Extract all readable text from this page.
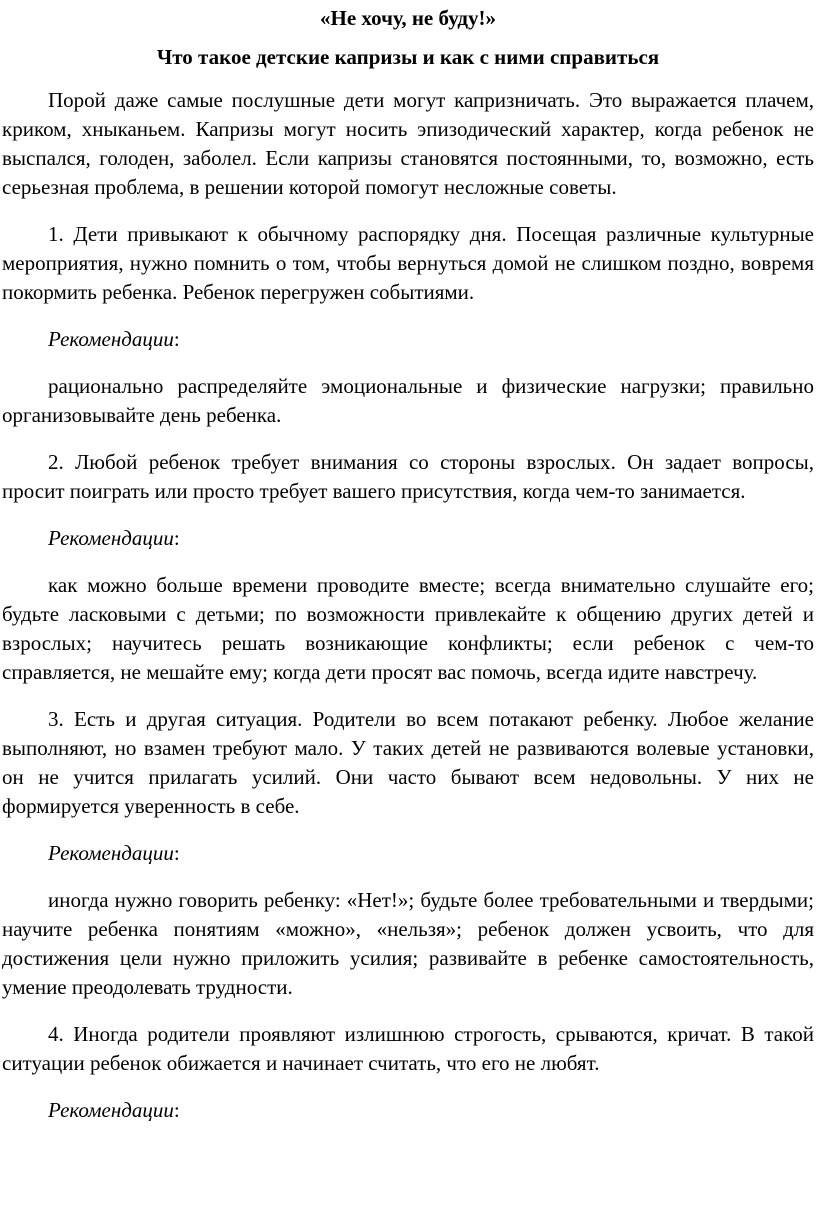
«Не хочу, не буду!»
Что такое детские капризы и как с ними справиться

Порой даже самые послушные дети могут капризничать. Это выражается плачем, криком, хныканьем. Капризы могут носить эпизодический характер, когда ребенок не выспался, голоден, заболел. Если капризы становятся постоянными, то, возможно, есть серьезная проблема, в решении которой помогут несложные советы.

1. Дети привыкают к обычному распорядку дня. Посещая различные культурные мероприятия, нужно помнить о том, чтобы вернуться домой не слишком поздно, вовремя покормить ребенка. Ребенок перегружен событиями.

Рекомендации:

рационально распределяйте эмоциональные и физические нагрузки; правильно организовывайте день ребенка.

2. Любой ребенок требует внимания со стороны взрослых. Он задает вопросы, просит поиграть или просто требует вашего присутствия, когда чем-то занимается.

Рекомендации:

как можно больше времени проводите вместе; всегда внимательно слушайте его; будьте ласковыми с детьми; по возможности привлекайте к общению других детей и взрослых; научитесь решать возникающие конфликты; если ребенок с чем-то справляется, не мешайте ему; когда дети просят вас помочь, всегда идите навстречу.

3. Есть и другая ситуация. Родители во всем потакают ребенку. Любое желание выполняют, но взамен требуют мало. У таких детей не развиваются волевые установки, он не учится прилагать усилий. Они часто бывают всем недовольны. У них не формируется уверенность в себе.

Рекомендации:

иногда нужно говорить ребенку: «Нет!»; будьте более требовательными и твердыми; научите ребенка понятиям «можно», «нельзя»; ребенок должен усвоить, что для достижения цели нужно приложить усилия; развивайте в ребенке самостоятельность, умение преодолевать трудности.

4. Иногда родители проявляют излишнюю строгость, срываются, кричат. В такой ситуации ребенок обижается и начинает считать, что его не любят.

Рекомендации:
